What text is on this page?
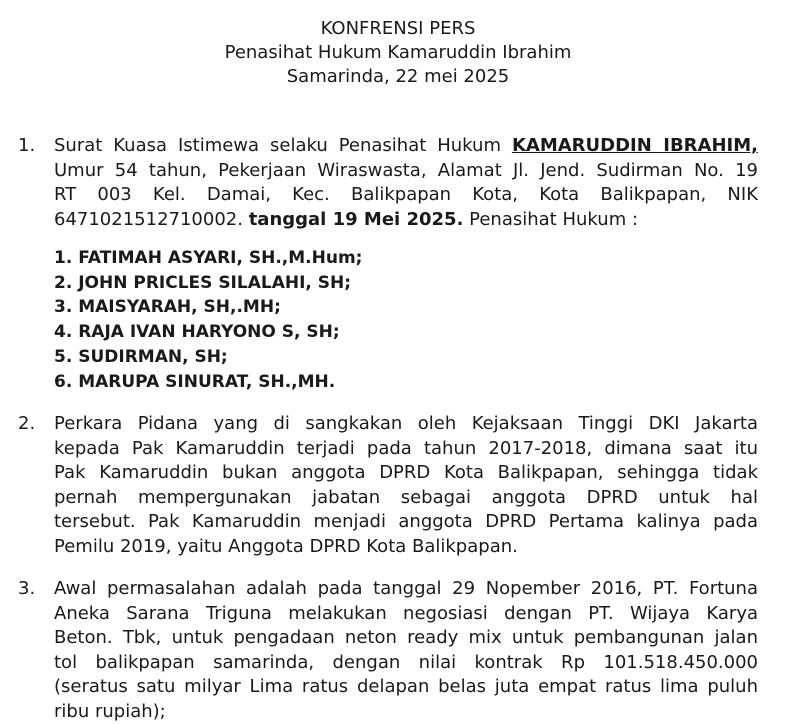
KONFRENSI PERS
Penasihat Hukum Kamaruddin Ibrahim
Samarinda, 22 mei 2025
1. Surat Kuasa Istimewa selaku Penasihat Hukum KAMARUDDIN IBRAHIM,
Umur 54 tahun, Pekerjaan Wiraswasta, Alamat Jl. Jend. Sudirman No. 19
RT 003 Kel. Damai, Kec. Balikpapan Kota, Kota Balikpapan, NIK
6471021512710002. tanggal 19 Mei 2025. Penasihat Hukum :
1. FATIMAH ASYARI, SH.,M.Hum;
2. JOHN PRICLES SILALAHI, SH;
3. MAISYARAH, SH,.MH;
4. RAJA IVAN HARYONO S, SH;
5. SUDIRMAN, SH;
6. MARUPA SINURAT, SH.,MH.
2. Perkara Pidana yang di sangkakan oleh Kejaksaan Tinggi DKI Jakarta
kepada Pak Kamaruddin terjadi pada tahun 2017-2018, dimana saat itu
Pak Kamaruddin bukan anggota DPRD Kota Balikpapan, sehingga tidak
pernah mempergunakan jabatan sebagai anggota DPRD untuk hal
tersebut. Pak Kamaruddin menjadi anggota DPRD Pertama kalinya pada
Pemilu 2019, yaitu Anggota DPRD Kota Balikpapan.
3. Awal permasalahan adalah pada tanggal 29 Nopember 2016, PT. Fortuna
Aneka Sarana Triguna melakukan negosiasi dengan PT. Wijaya Karya
Beton. Tbk, untuk pengadaan neton ready mix untuk pembangunan jalan
tol balikpapan samarinda, dengan nilai kontrak Rp 101.518.450.000
(seratus satu milyar Lima ratus delapan belas juta empat ratus lima puluh
ribu rupiah);
